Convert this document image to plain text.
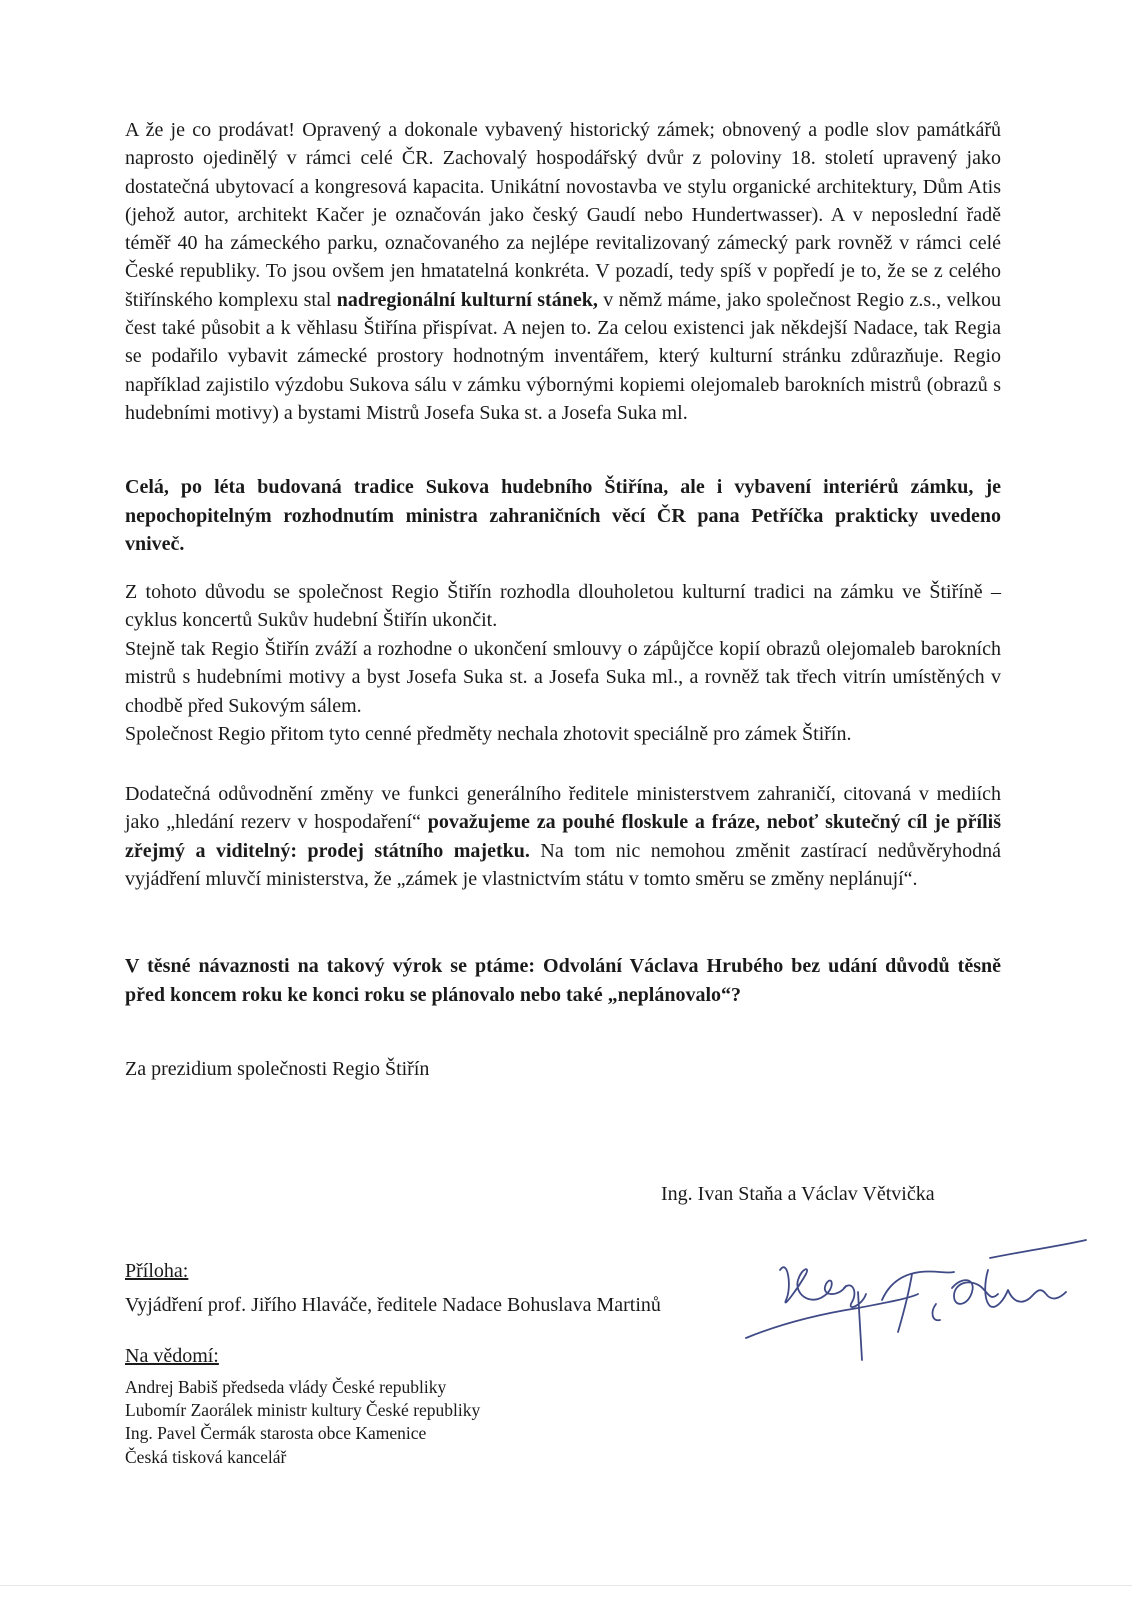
A že je co prodávat! Opravený a dokonale vybavený historický zámek; obnovený a podle slov památkářů naprosto ojedinělý v rámci celé ČR. Zachovalý hospodářský dvůr z poloviny 18. století upravený jako dostatečná ubytovací a kongresová kapacita. Unikátní novostavba ve stylu organické architektury, Dům Atis (jehož autor, architekt Kačer je označován jako český Gaudí nebo Hundertwasser). A v neposlední řadě téměř 40 ha zámeckého parku, označovaného za nejlépe revitalizovaný zámecký park rovněž v rámci celé České republiky. To jsou ovšem jen hmatatelná konkréta. V pozadí, tedy spíš v popředí je to, že se z celého štiřínského komplexu stal nadregionální kulturní stánek, v němž máme, jako společnost Regio z.s., velkou čest také působit a k věhlasu Štiřína přispívat. A nejen to. Za celou existenci jak někdejší Nadace, tak Regia se podařilo vybavit zámecké prostory hodnotným inventářem, který kulturní stránku zdůrazňuje. Regio například zajistilo výzdobu Sukova sálu v zámku výbornými kopiemi olejomaleb barokních mistrů (obrazů s hudebními motivy) a bystami Mistrů Josefa Suka st. a Josefa Suka ml.

Celá, po léta budovaná tradice Sukova hudebního Štiřína, ale i vybavení interiérů zámku, je nepochopitelným rozhodnutím ministra zahraničních věcí ČR pana Petříčka prakticky uvedeno vniveč.

Z tohoto důvodu se společnost Regio Štiřín rozhodla dlouholetou kulturní tradici na zámku ve Štiříně – cyklus koncertů Sukův hudební Štiřín ukončit.
Stejně tak Regio Štiřín zváží a rozhodne o ukončení smlouvy o zápůjčce kopií obrazů olejomaleb barokních mistrů s hudebními motivy a byst Josefa Suka st. a Josefa Suka ml., a rovněž tak třech vitrín umístěných v chodbě před Sukovým sálem.
Společnost Regio přitom tyto cenné předměty nechala zhotovit speciálně pro zámek Štiřín.

Dodatečná odůvodnění změny ve funkci generálního ředitele ministerstvem zahraničí, citovaná v mediích jako „hledání rezerv v hospodaření“ považujeme za pouhé floskule a fráze, neboť skutečný cíl je příliš zřejmý a viditelný: prodej státního majetku. Na tom nic nemohou změnit zastírací nedůvěryhodná vyjádření mluvčí ministerstva, že „zámek je vlastnictvím státu v tomto směru se změny neplánují“.

V těsné návaznosti na takový výrok se ptáme: Odvolání Václava Hrubého bez udání důvodů těsně před koncem roku ke konci roku se plánovalo nebo také „neplánovalo“?

Za prezidium společnosti Regio Štiřín

Ing. Ivan Staňa a Václav Větvička

Příloha:

Vyjádření prof. Jiřího Hlaváče, ředitele Nadace Bohuslava Martinů

Na vědomí:

Andrej Babiš předseda vlády České republiky
Lubomír Zaorálek ministr kultury České republiky
Ing. Pavel Čermák starosta obce Kamenice
Česká tisková kancelář
